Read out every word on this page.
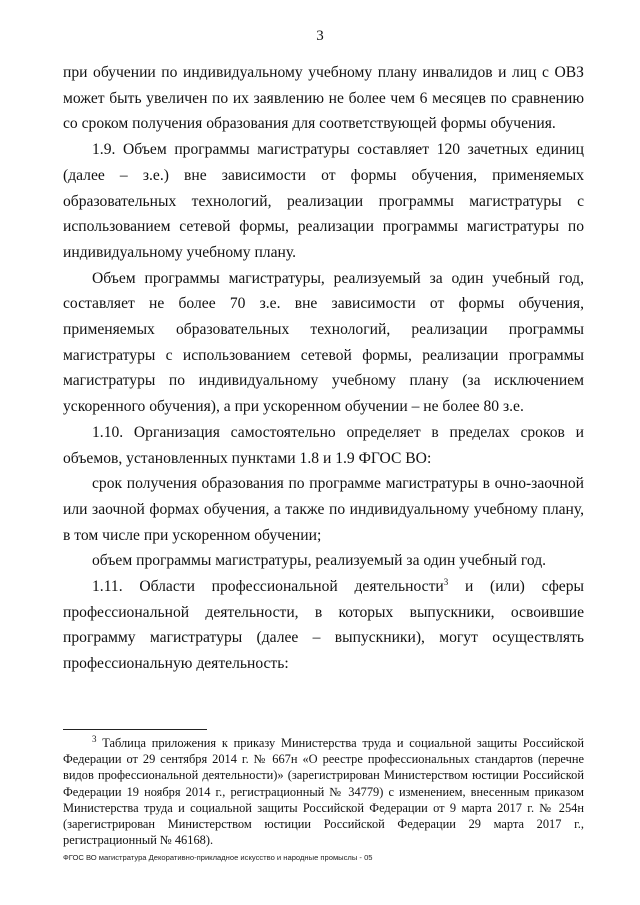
3

при обучении по индивидуальному учебному плану инвалидов и лиц с ОВЗ может быть увеличен по их заявлению не более чем 6 месяцев по сравнению со сроком получения образования для соответствующей формы обучения.

1.9. Объем программы магистратуры составляет 120 зачетных единиц (далее – з.е.) вне зависимости от формы обучения, применяемых образовательных технологий, реализации программы магистратуры с использованием сетевой формы, реализации программы магистратуры по индивидуальному учебному плану.

Объем программы магистратуры, реализуемый за один учебный год, составляет не более 70 з.е. вне зависимости от формы обучения, применяемых образовательных технологий, реализации программы магистратуры с использованием сетевой формы, реализации программы магистратуры по индивидуальному учебному плану (за исключением ускоренного обучения), а при ускоренном обучении – не более 80 з.е.

1.10. Организация самостоятельно определяет в пределах сроков и объемов, установленных пунктами 1.8 и 1.9 ФГОС ВО:

срок получения образования по программе магистратуры в очно-заочной или заочной формах обучения, а также по индивидуальному учебному плану, в том числе при ускоренном обучении;

объем программы магистратуры, реализуемый за один учебный год.

1.11. Области профессиональной деятельности$^3$ и (или) сферы профессиональной деятельности, в которых выпускники, освоившие программу магистратуры (далее – выпускники), могут осуществлять профессиональную деятельность:

$^3$ Таблица приложения к приказу Министерства труда и социальной защиты Российской Федерации от 29 сентября 2014 г. № 667н «О реестре профессиональных стандартов (перечне видов профессиональной деятельности)» (зарегистрирован Министерством юстиции Российской Федерации 19 ноября 2014 г., регистрационный № 34779) с изменением, внесенным приказом Министерства труда и социальной защиты Российской Федерации от 9 марта 2017 г. № 254н (зарегистрирован Министерством юстиции Российской Федерации 29 марта 2017 г., регистрационный № 46168).

ФГОС ВО магистратура Декоративно-прикладное искусство и народные промыслы - 05
